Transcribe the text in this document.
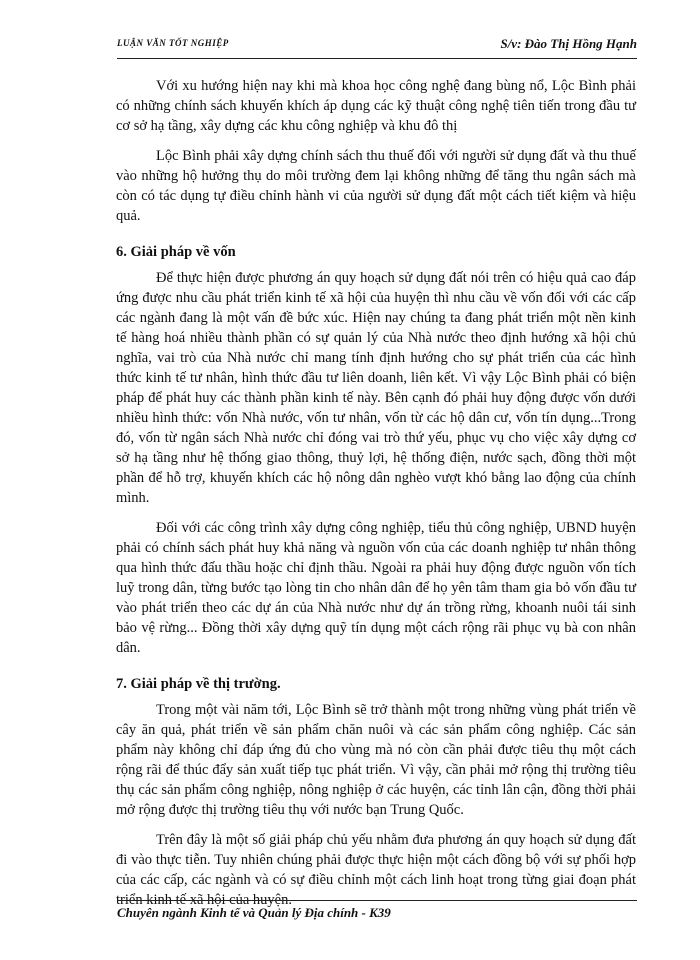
LUẬN VĂN TỐT NGHIỆP	S/v: Đào Thị Hồng Hạnh

Với xu hướng hiện nay khi mà khoa học công nghệ đang bùng nổ, Lộc Bình phải có những chính sách khuyến khích áp dụng các kỹ thuật công nghệ tiên tiến trong đầu tư cơ sở hạ tầng, xây dựng các khu công nghiệp và khu đô thị

Lộc Bình phải xây dựng chính sách thu thuế đối với người sử dụng đất và thu thuế vào những hộ hưởng thụ do môi trường đem lại không những để tăng thu ngân sách mà còn có tác dụng tự điều chỉnh hành vi của người sử dụng đất một cách tiết kiệm và hiệu quả.

6. Giải pháp về vốn

Để thực hiện được phương án quy hoạch sử dụng đất nói trên có hiệu quả cao đáp ứng được nhu cầu phát triển kinh tế xã hội của huyện thì nhu cầu về vốn đối với các cấp các ngành đang là một vấn đề bức xúc. Hiện nay chúng ta đang phát triển một nền kinh tế hàng hoá nhiều thành phần có sự quản lý của Nhà nước theo định hướng xã hội chủ nghĩa, vai trò của Nhà nước chỉ mang tính định hướng cho sự phát triển của các hình thức kinh tế tư nhân, hình thức đầu tư liên doanh, liên kết. Vì vậy Lộc Bình phải có biện pháp để phát huy các thành phần kinh tế này. Bên cạnh đó phải huy động được vốn dưới nhiều hình thức: vốn Nhà nước, vốn tư nhân, vốn từ các hộ dân cư, vốn tín dụng...Trong đó, vốn từ ngân sách Nhà nước chỉ đóng vai trò thứ yếu, phục vụ cho việc xây dựng cơ sở hạ tầng như hệ thống giao thông, thuỷ lợi, hệ thống điện, nước sạch, đồng thời một phần để hỗ trợ, khuyến khích các hộ nông dân nghèo vượt khó bằng lao động của chính mình.

Đối với các công trình xây dựng công nghiệp, tiểu thủ công nghiệp, UBND huyện phải có chính sách phát huy khả năng và nguồn vốn của các doanh nghiệp tư nhân thông qua hình thức đấu thầu hoặc chỉ định thầu. Ngoài ra phải huy động được nguồn vốn tích luỹ trong dân, từng bước tạo lòng tin cho nhân dân để họ yên tâm tham gia bỏ vốn đầu tư vào phát triển theo các dự án của Nhà nước như dự án trồng rừng, khoanh nuôi tái sinh bảo vệ rừng... Đồng thời xây dựng quỹ tín dụng một cách rộng rãi phục vụ bà con nhân dân.

7. Giải pháp về thị trường.

Trong một vài năm tới, Lộc Bình sẽ trở thành một trong những vùng phát triển về cây ăn quả, phát triển về sản phẩm chăn nuôi và các sản phẩm công nghiệp. Các sản phẩm này không chỉ đáp ứng đủ cho vùng mà nó còn cần phải được tiêu thụ một cách rộng rãi để thúc đẩy sản xuất tiếp tục phát triển. Vì vậy, cần phải mở rộng thị trường tiêu thụ các sản phẩm công nghiệp, nông nghiệp ở các huyện, các tỉnh lân cận, đồng thời phải mở rộng được thị trường tiêu thụ với nước bạn Trung Quốc.

Trên đây là một số giải pháp chủ yếu nhằm đưa phương án quy hoạch sử dụng đất đi vào thực tiễn. Tuy nhiên chúng phải được thực hiện một cách đồng bộ với sự phối hợp của các cấp, các ngành và có sự điều chỉnh một cách linh hoạt trong từng giai đoạn phát triển kinh tế xã hội của huyện.

Chuyên ngành Kinh tế và Quản lý Địa chính - K39
